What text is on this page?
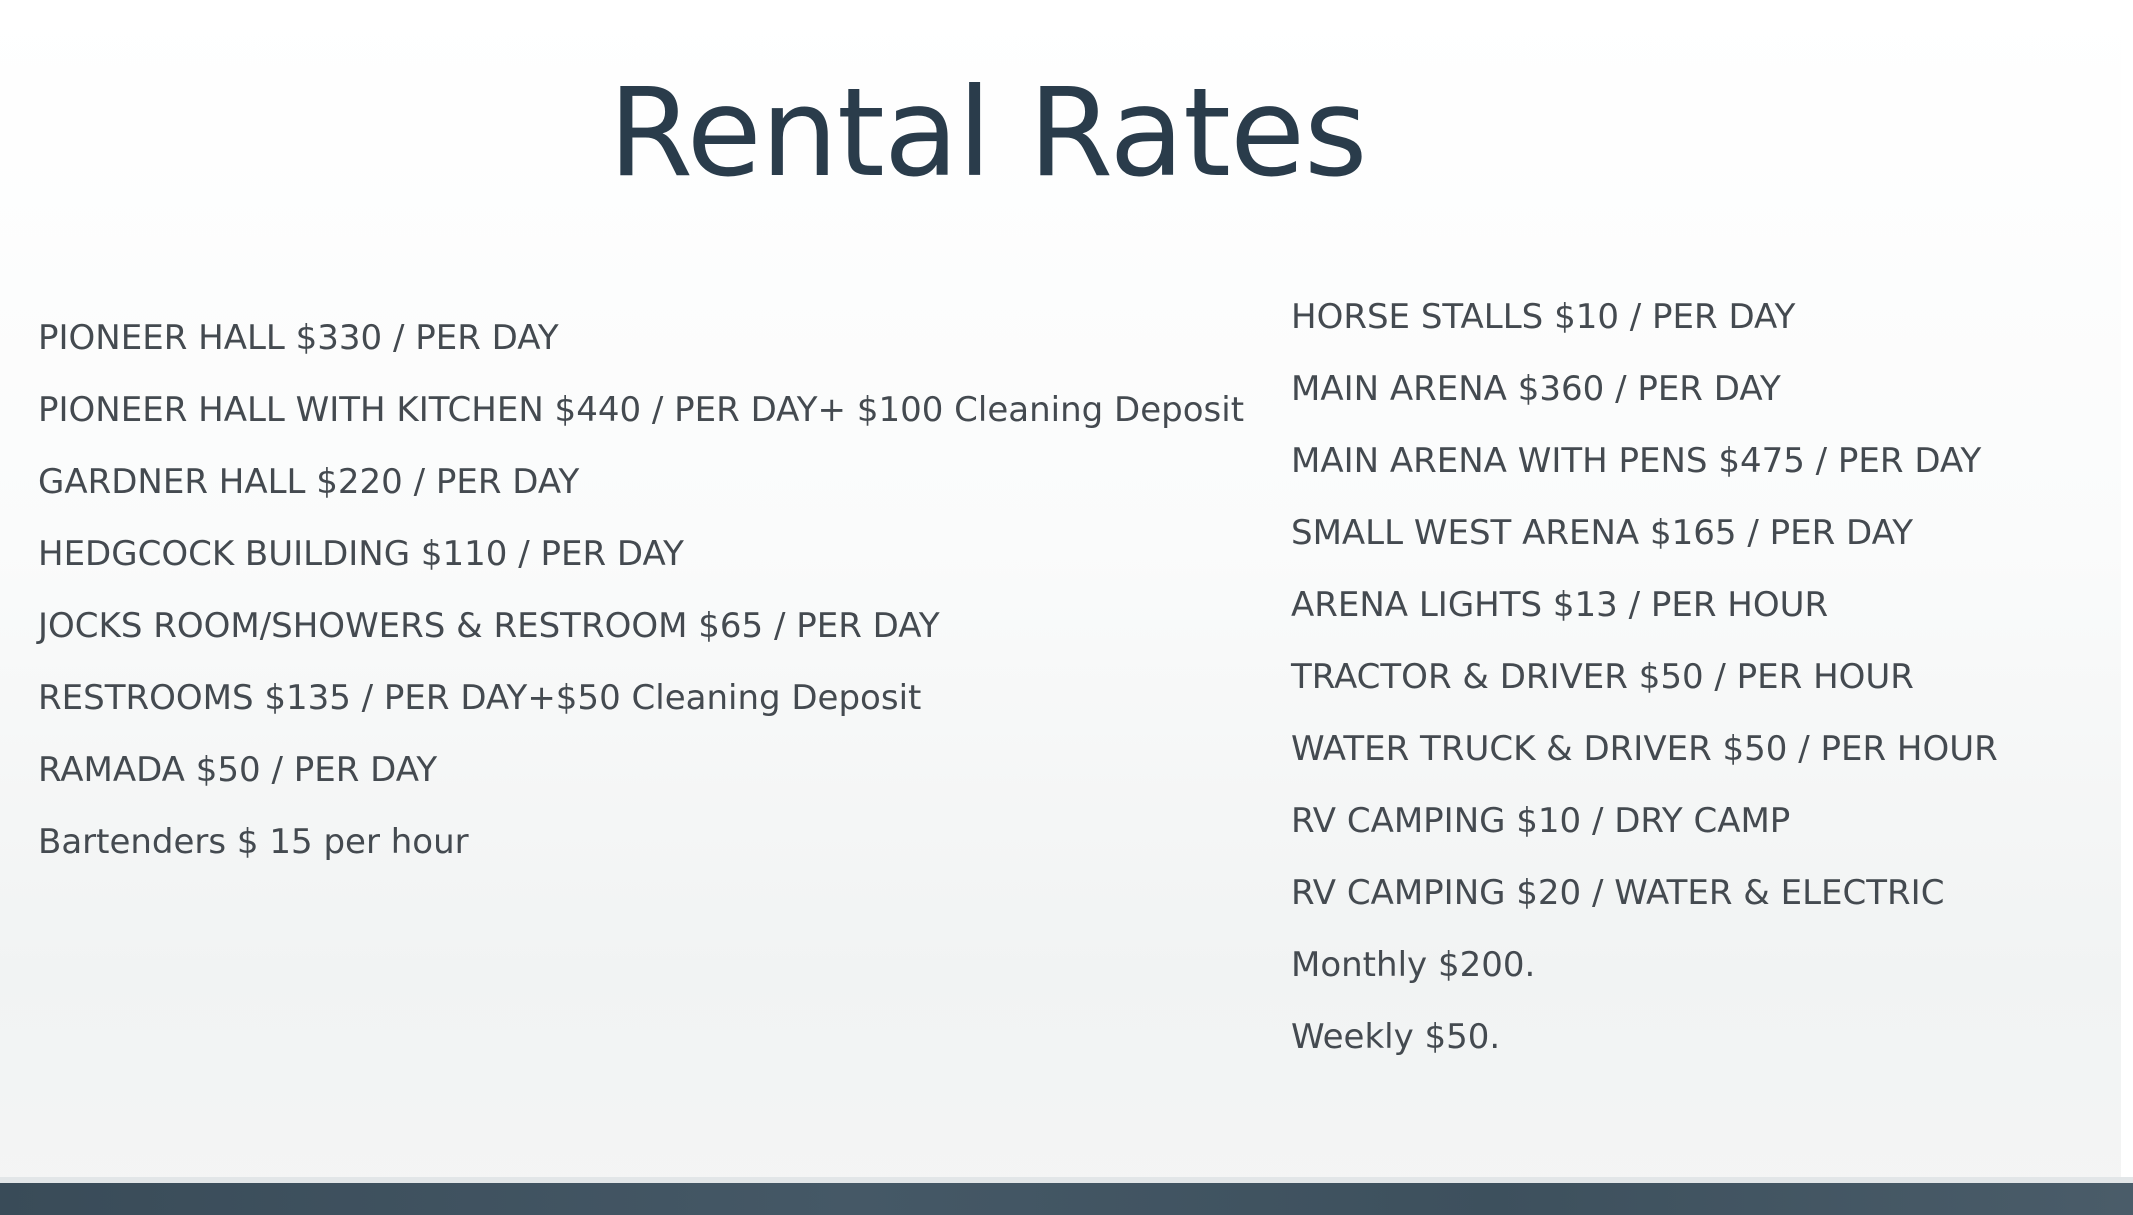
Rental Rates
PIONEER HALL $330 / PER DAY
PIONEER HALL WITH KITCHEN $440 / PER DAY+ $100 Cleaning Deposit
GARDNER HALL $220 / PER DAY
HEDGCOCK BUILDING $110 / PER DAY
JOCKS ROOM/SHOWERS & RESTROOM $65 / PER DAY
RESTROOMS $135 / PER DAY+$50 Cleaning Deposit
RAMADA $50 / PER DAY
Bartenders $ 15 per hour
HORSE STALLS $10 / PER DAY
MAIN ARENA $360 / PER DAY
MAIN ARENA WITH PENS $475 / PER DAY
SMALL WEST ARENA $165 / PER DAY
ARENA LIGHTS $13 / PER HOUR
TRACTOR & DRIVER $50 / PER HOUR
WATER TRUCK & DRIVER $50 / PER HOUR
RV CAMPING $10 / DRY CAMP
RV CAMPING $20 / WATER & ELECTRIC
Monthly $200.
Weekly $50.
